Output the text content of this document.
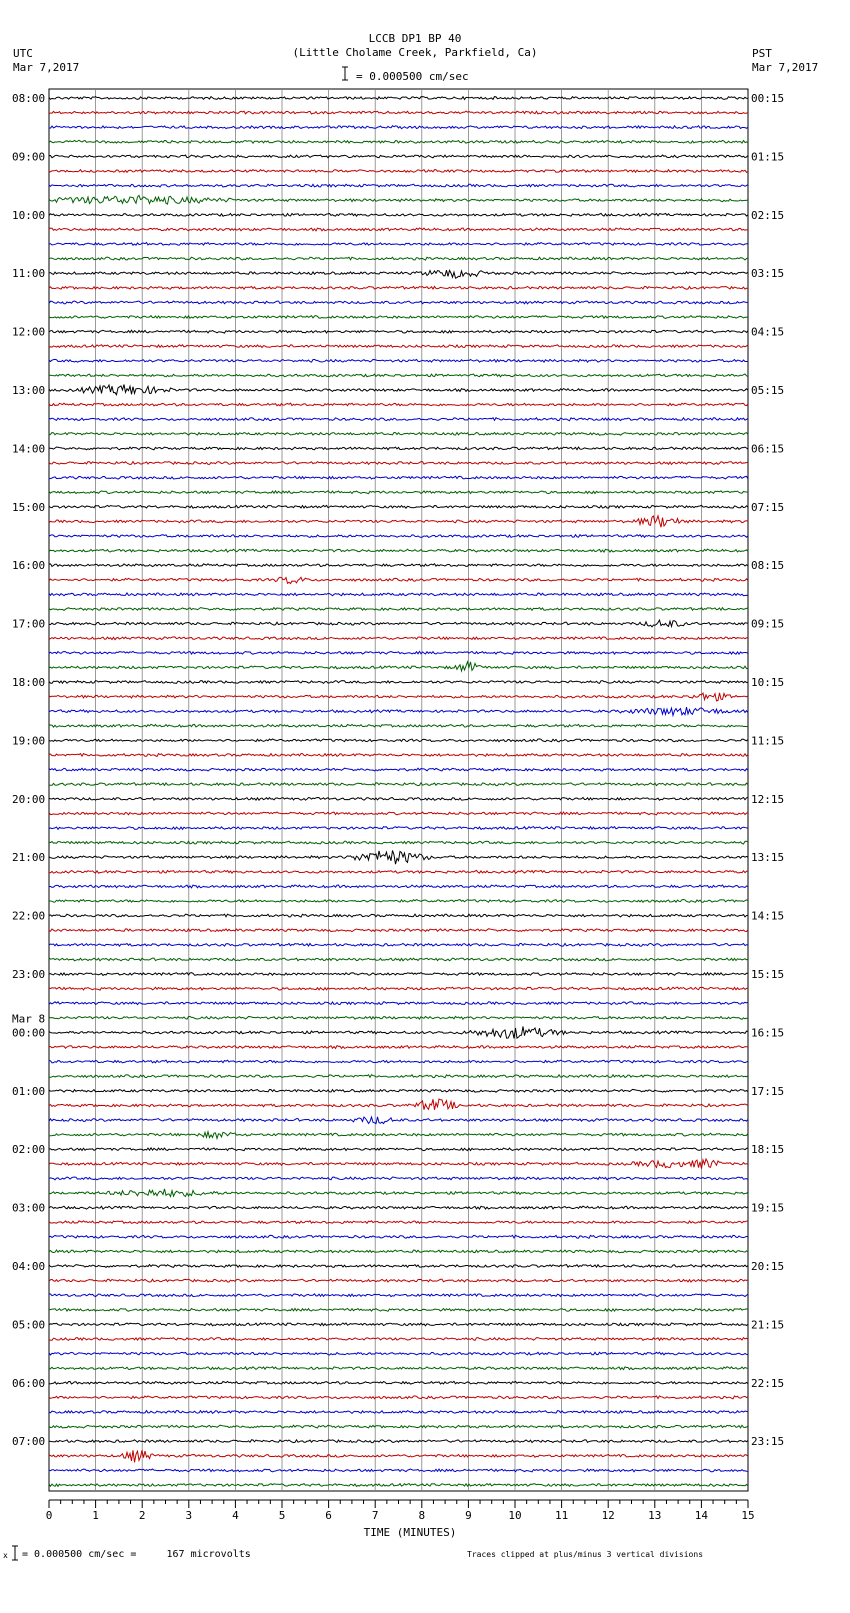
LCCB DP1 BP 40
(Little Cholame Creek, Parkfield, Ca)
= 0.000500 cm/sec
UTC
Mar 7,2017
PST
Mar 7,2017
08:00	00:15
09:00	01:15
10:00	02:15
11:00	03:15
12:00	04:15
13:00	05:15
14:00	06:15
15:00	07:15
16:00	08:15
17:00	09:15
18:00	10:15
19:00	11:15
20:00	12:15
21:00	13:15
22:00	14:15
23:00	15:15
00:00	16:15
01:00	17:15
02:00	18:15
03:00	19:15
04:00	20:15
05:00	21:15
06:00	22:15
07:00	23:15
Mar 8
0	1	2	3	4	5	6	7	8	9	10	11	12	13	14	15
TIME (MINUTES)
x = 0.000500 cm/sec =     167 microvolts	Traces clipped at plus/minus 3 vertical divisions
